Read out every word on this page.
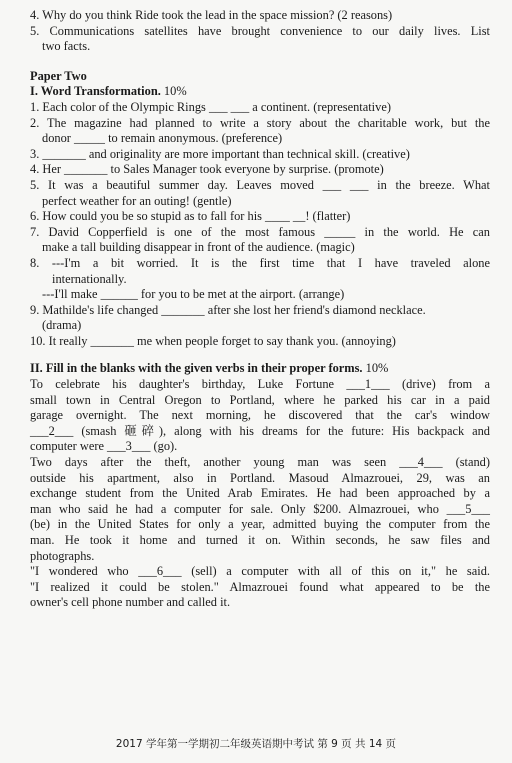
4. Why do you think Ride took the lead in the space mission? (2 reasons)
5. Communications satellites have brought convenience to our daily lives. List
two facts.
Paper Two
I. Word Transformation. 10%
1. Each color of the Olympic Rings ___ ___ a continent. (representative)
2. The magazine had planned to write a story about the charitable work, but the
donor _____ to remain anonymous. (preference)
3. _______ and originality are more important than technical skill. (creative)
4. Her _______ to Sales Manager took everyone by surprise. (promote)
5. It was a beautiful summer day. Leaves moved ___ ___ in the breeze. What
perfect weather for an outing! (gentle)
6. How could you be so stupid as to fall for his ____ __! (flatter)
7. David Copperfield is one of the most famous _____ in the world. He can
make a tall building disappear in front of the audience. (magic)
8. ---I'm a bit worried. It is the first time that I have traveled alone
internationally.
---I'll make ______ for you to be met at the airport. (arrange)
9. Mathilde's life changed _______ after she lost her friend's diamond necklace.
(drama)
10. It really _______ me when people forget to say thank you. (annoying)
II. Fill in the blanks with the given verbs in their proper forms. 10%
To celebrate his daughter's birthday, Luke Fortune ___1___ (drive) from a
small town in Central Oregon to Portland, where he parked his car in a paid
garage overnight. The next morning, he discovered that the car's window
___2___ (smash 砸碎), along with his dreams for the future: His backpack and
computer were ___3___ (go).
Two days after the theft, another young man was seen ___4___ (stand)
outside his apartment, also in Portland. Masoud Almazrouei, 29, was an
exchange student from the United Arab Emirates. He had been approached by a
man who said he had a computer for sale. Only $200. Almazrouei, who ___5___
(be) in the United States for only a year, admitted buying the computer from the
man. He took it home and turned it on. Within seconds, he saw files and
photographs.
"I wondered who ___6___ (sell) a computer with all of this on it," he said.
"I realized it could be stolen." Almazrouei found what appeared to be the
owner's cell phone number and called it.
2017 学年第一学期初二年级英语期中考试 第 9 页 共 14 页
